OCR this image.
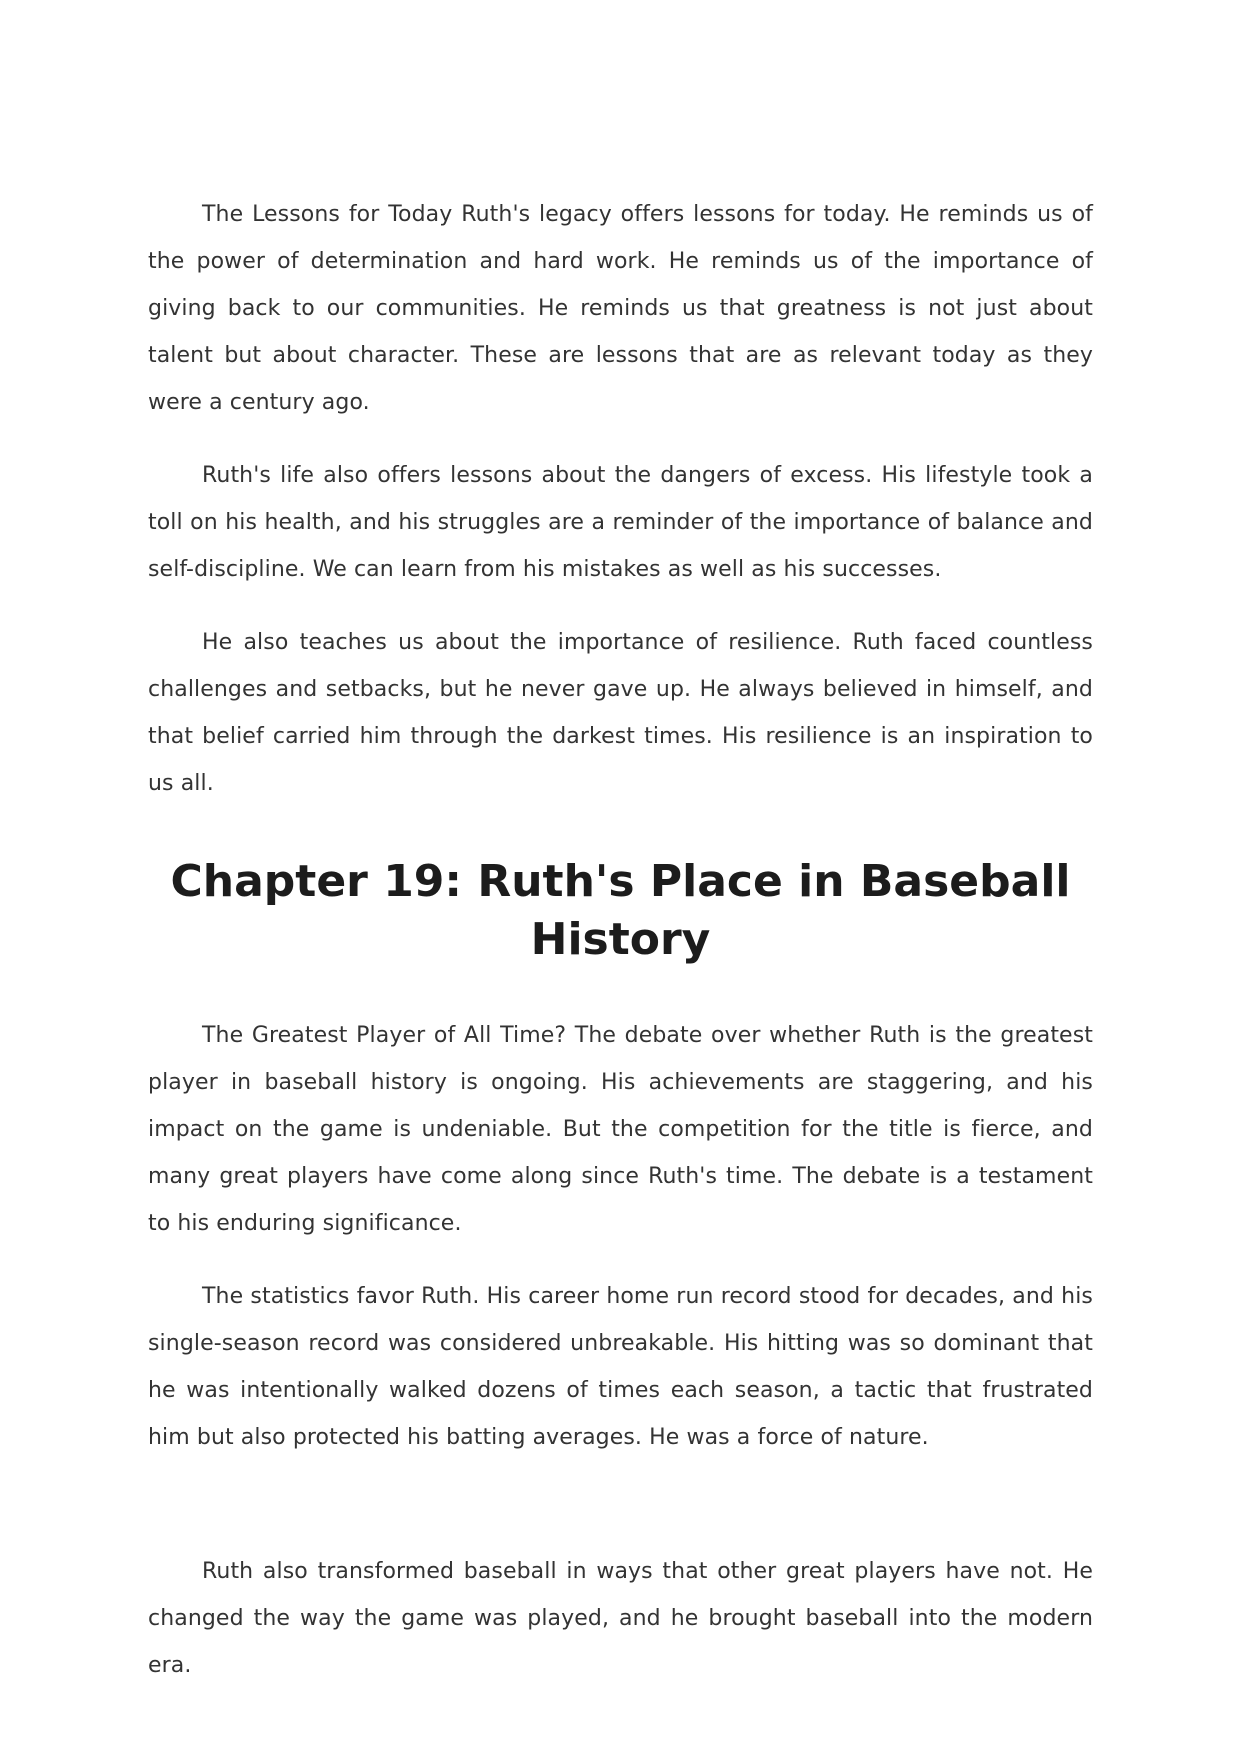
The Lessons for Today Ruth's legacy offers lessons for today. He reminds us of the power of determination and hard work. He reminds us of the importance of giving back to our communities. He reminds us that greatness is not just about talent but about character. These are lessons that are as relevant today as they were a century ago.

Ruth's life also offers lessons about the dangers of excess. His lifestyle took a toll on his health, and his struggles are a reminder of the importance of balance and self-discipline. We can learn from his mistakes as well as his successes.

He also teaches us about the importance of resilience. Ruth faced countless challenges and setbacks, but he never gave up. He always believed in himself, and that belief carried him through the darkest times. His resilience is an inspiration to us all.

Chapter 19: Ruth's Place in Baseball History

The Greatest Player of All Time? The debate over whether Ruth is the greatest player in baseball history is ongoing. His achievements are staggering, and his impact on the game is undeniable. But the competition for the title is fierce, and many great players have come along since Ruth's time. The debate is a testament to his enduring significance.

The statistics favor Ruth. His career home run record stood for decades, and his single-season record was considered unbreakable. His hitting was so dominant that he was intentionally walked dozens of times each season, a tactic that frustrated him but also protected his batting averages. He was a force of nature.

Ruth also transformed baseball in ways that other great players have not. He changed the way the game was played, and he brought baseball into the modern era.
